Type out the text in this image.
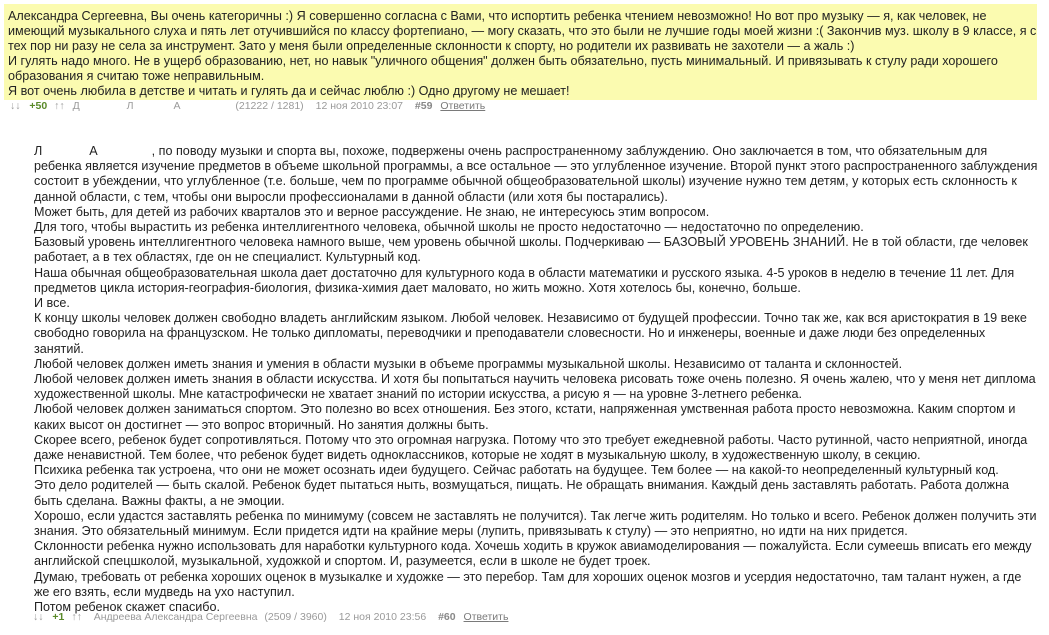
Александра Сергеевна, Вы очень категоричны :) Я совершенно согласна с Вами, что испортить ребенка чтением невозможно! Но вот про музыку — я, как человек, не имеющий музыкального слуха и пять лет отучившийся по классу фортепиано, — могу сказать, что это были не лучшие годы моей жизни :( Закончив муз. школу в 9 классе, я с тех пор ни разу не села за инструмент. Зато у меня были определенные склонности к спорту, но родители их развивать не захотели — а жаль :)

И гулять надо много. Не в ущерб образованию, нет, но навык "уличного общения" должен быть обязательно, пусть минимальный. И привязывать к стулу ради хорошего образования я считаю тоже неправильным.

Я вот очень любила в детстве и читать и гулять да и сейчас люблю :) Одно другому не мешает!

↓↓ +50 ↑↑ Д	Л	А	(21222 / 1281) 12 ноя 2010 23:07 #59 Ответить

Л	А	, по поводу музыки и спорта вы, похоже, подвержены очень распространенному заблуждению. Оно заключается в том, что обязательным для ребенка является изучение предметов в объеме школьной программы, а все остальное — это углубленное изучение. Второй пункт этого распространенного заблуждения состоит в убеждении, что углубленное (т.е. больше, чем по программе обычной общеобразовательной школы) изучение нужно тем детям, у которых есть склонность к данной области, с тем, чтобы они выросли профессионалами в данной области (или хотя бы постарались).

Может быть, для детей из рабочих кварталов это и верное рассуждение. Не знаю, не интересуюсь этим вопросом.

Для того, чтобы вырастить из ребенка интеллигентного человека, обычной школы не просто недостаточно — недостаточно по определению.

Базовый уровень интеллигентного человека намного выше, чем уровень обычной школы. Подчеркиваю — БАЗОВЫЙ УРОВЕНЬ ЗНАНИЙ. Не в той области, где человек работает, а в тех областях, где он не специалист. Культурный код.

Наша обычная общеобразовательная школа дает достаточно для культурного кода в области математики и русского языка. 4-5 уроков в неделю в течение 11 лет. Для предметов цикла история-география-биология, физика-химия дает маловато, но жить можно. Хотя хотелось бы, конечно, больше.

И все.

К концу школы человек должен свободно владеть английским языком. Любой человек. Независимо от будущей профессии. Точно так же, как вся аристократия в 19 веке свободно говорила на французском. Не только дипломаты, переводчики и преподаватели словесности. Но и инженеры, военные и даже люди без определенных занятий.

Любой человек должен иметь знания и умения в области музыки в объеме программы музыкальной школы. Независимо от таланта и склонностей.

Любой человек должен иметь знания в области искусства. И хотя бы попытаться научить человека рисовать тоже очень полезно. Я очень жалею, что у меня нет диплома художественной школы. Мне катастрофически не хватает знаний по истории искусства, а рисую я — на уровне 3-летнего ребенка.

Любой человек должен заниматься спортом. Это полезно во всех отношения. Без этого, кстати, напряженная умственная работа просто невозможна. Каким спортом и каких высот он достигнет — это вопрос вторичный. Но занятия должны быть.

Скорее всего, ребенок будет сопротивляться. Потому что это огромная нагрузка. Потому что это требует ежедневной работы. Часто рутинной, часто неприятной, иногда даже ненавистной. Тем более, что ребенок будет видеть одноклассников, которые не ходят в музыкальную школу, в художественную школу, в секцию.

Психика ребенка так устроена, что они не может осознать идеи будущего. Сейчас работать на будущее. Тем более — на какой-то неопределенный культурный код.

Это дело родителей — быть скалой. Ребенок будет пытаться ныть, возмущаться, пищать. Не обращать внимания. Каждый день заставлять работать. Работа должна быть сделана. Важны факты, а не эмоции.

Хорошо, если удастся заставлять ребенка по минимуму (совсем не заставлять не получится). Так легче жить родителям. Но только и всего. Ребенок должен получить эти знания. Это обязательный минимум. Если придется идти на крайние меры (лупить, привязывать к стулу) — это неприятно, но идти на них придется.

Склонности ребенка нужно использовать для наработки культурного кода. Хочешь ходить в кружок авиамоделирования — пожалуйста. Если сумеешь вписать его между английской спецшколой, музыкальной, художкой и спортом. И, разумеется, если в школе не будет троек.

Думаю, требовать от ребенка хороших оценок в музыкалке и художке — это перебор. Там для хороших оценок мозгов и усердия недостаточно, там талант нужен, а где же его взять, если мудведь на ухо наступил.

Потом ребенок скажет спасибо.

↓↓ +1 ↑↑ Андреева Александра Сергеевна (2509 / 3960) 12 ноя 2010 23:56 #60 Ответить
